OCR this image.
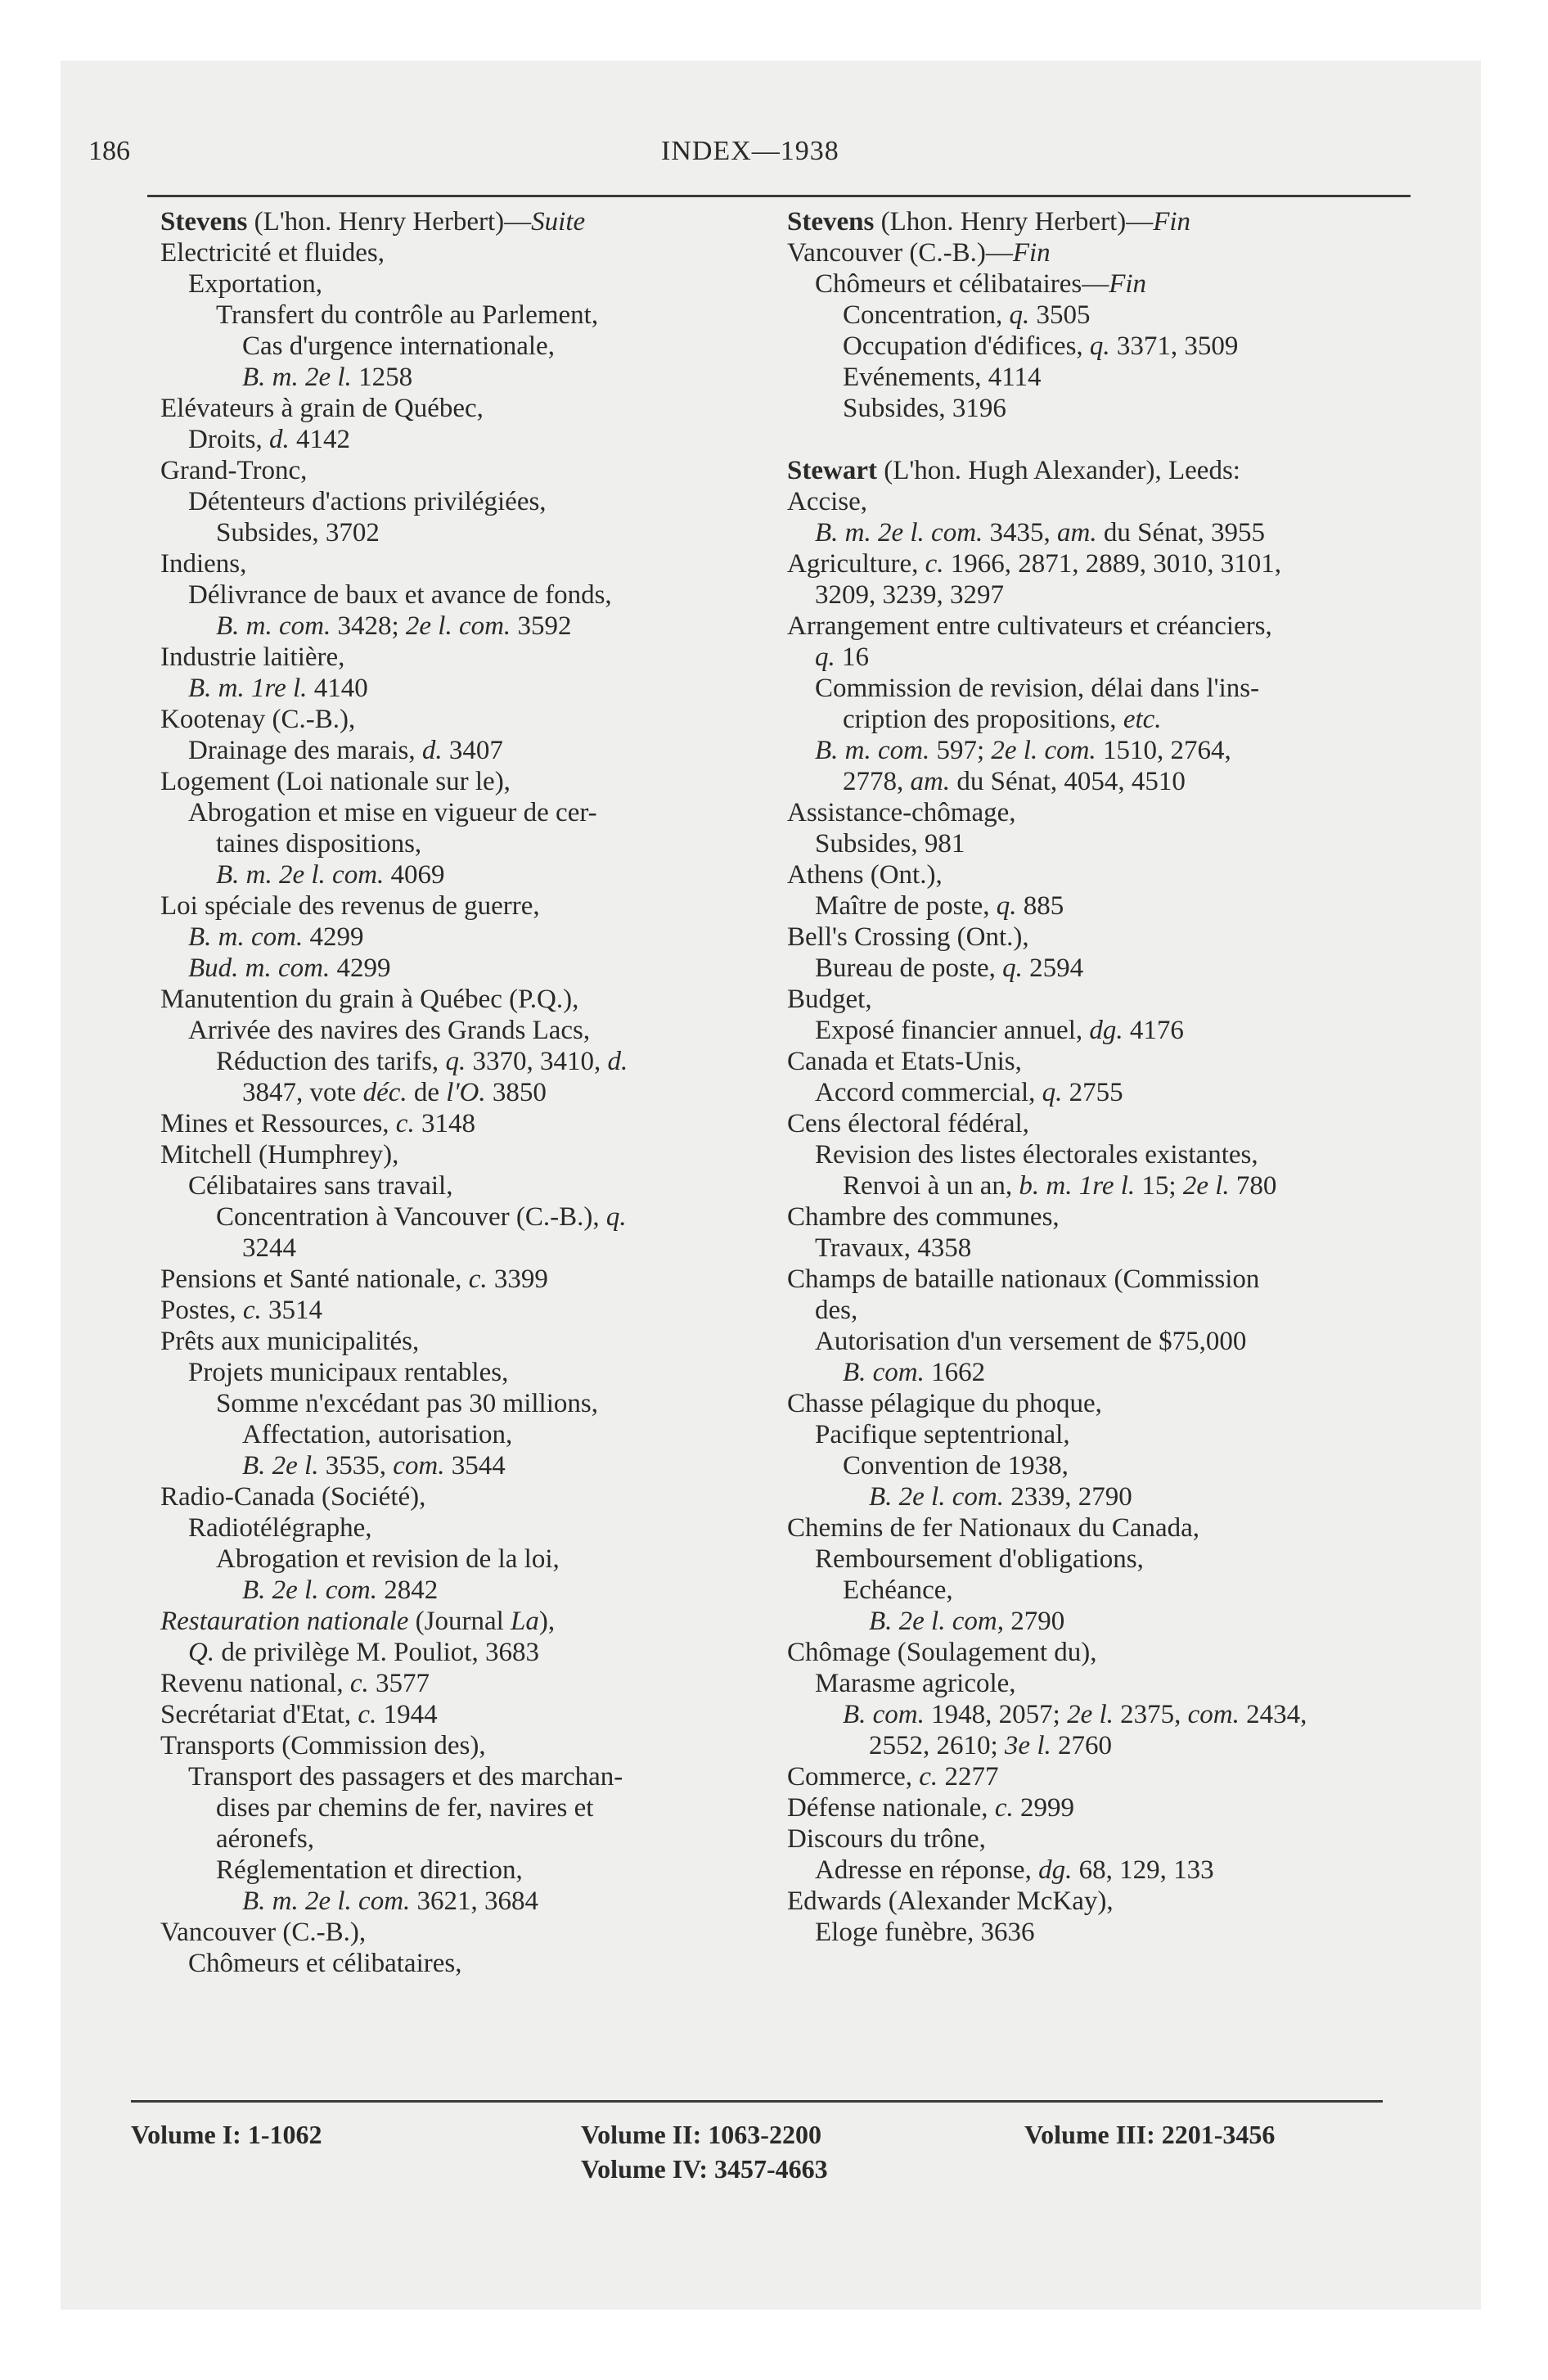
186	INDEX—1938
Stevens (L'hon. Henry Herbert)—Suite
Electricité et fluides,
Exportation,
Transfert du contrôle au Parlement,
Cas d'urgence internationale,
B. m. 2e l. 1258
Elévateurs à grain de Québec,
Droits, d. 4142
Grand-Tronc,
Détenteurs d'actions privilégiées,
Subsides, 3702
Indiens,
Délivrance de baux et avance de fonds,
B. m. com. 3428; 2e l. com. 3592
Industrie laitière,
B. m. 1re l. 4140
Kootenay (C.-B.),
Drainage des marais, d. 3407
Logement (Loi nationale sur le),
Abrogation et mise en vigueur de cer-
taines dispositions,
B. m. 2e l. com. 4069
Loi spéciale des revenus de guerre,
B. m. com. 4299
Bud. m. com. 4299
Manutention du grain à Québec (P.Q.),
Arrivée des navires des Grands Lacs,
Réduction des tarifs, q. 3370, 3410, d.
3847, vote déc. de l'O. 3850
Mines et Ressources, c. 3148
Mitchell (Humphrey),
Célibataires sans travail,
Concentration à Vancouver (C.-B.), q.
3244
Pensions et Santé nationale, c. 3399
Postes, c. 3514
Prêts aux municipalités,
Projets municipaux rentables,
Somme n'excédant pas 30 millions,
Affectation, autorisation,
B. 2e l. 3535, com. 3544
Radio-Canada (Société),
Radiotélégraphe,
Abrogation et revision de la loi,
B. 2e l. com. 2842
Restauration nationale (Journal La),
Q. de privilège M. Pouliot, 3683
Revenu national, c. 3577
Secrétariat d'Etat, c. 1944
Transports (Commission des),
Transport des passagers et des marchan-
dises par chemins de fer, navires et
aéronefs,
Réglementation et direction,
B. m. 2e l. com. 3621, 3684
Vancouver (C.-B.),
Chômeurs et célibataires,
Stevens (Lhon. Henry Herbert)—Fin
Vancouver (C.-B.)—Fin
Chômeurs et célibataires—Fin
Concentration, q. 3505
Occupation d'édifices, q. 3371, 3509
Evénements, 4114
Subsides, 3196
Stewart (L'hon. Hugh Alexander), Leeds:
Accise,
B. m. 2e l. com. 3435, am. du Sénat, 3955
Agriculture, c. 1966, 2871, 2889, 3010, 3101,
3209, 3239, 3297
Arrangement entre cultivateurs et créanciers,
q. 16
Commission de revision, délai dans l'ins-
cription des propositions, etc.
B. m. com. 597; 2e l. com. 1510, 2764,
2778, am. du Sénat, 4054, 4510
Assistance-chômage,
Subsides, 981
Athens (Ont.),
Maître de poste, q. 885
Bell's Crossing (Ont.),
Bureau de poste, q. 2594
Budget,
Exposé financier annuel, dg. 4176
Canada et Etats-Unis,
Accord commercial, q. 2755
Cens électoral fédéral,
Revision des listes électorales existantes,
Renvoi à un an, b. m. 1re l. 15; 2e l. 780
Chambre des communes,
Travaux, 4358
Champs de bataille nationaux (Commission
des,
Autorisation d'un versement de $75,000
B. com. 1662
Chasse pélagique du phoque,
Pacifique septentrional,
Convention de 1938,
B. 2e l. com. 2339, 2790
Chemins de fer Nationaux du Canada,
Remboursement d'obligations,
Echéance,
B. 2e l. com, 2790
Chômage (Soulagement du),
Marasme agricole,
B. com. 1948, 2057; 2e l. 2375, com. 2434,
2552, 2610; 3e l. 2760
Commerce, c. 2277
Défense nationale, c. 2999
Discours du trône,
Adresse en réponse, dg. 68, 129, 133
Edwards (Alexander McKay),
Eloge funèbre, 3636
Volume I: 1-1062	Volume II: 1063-2200
Volume IV: 3457-4663
Volume III: 2201-3456
